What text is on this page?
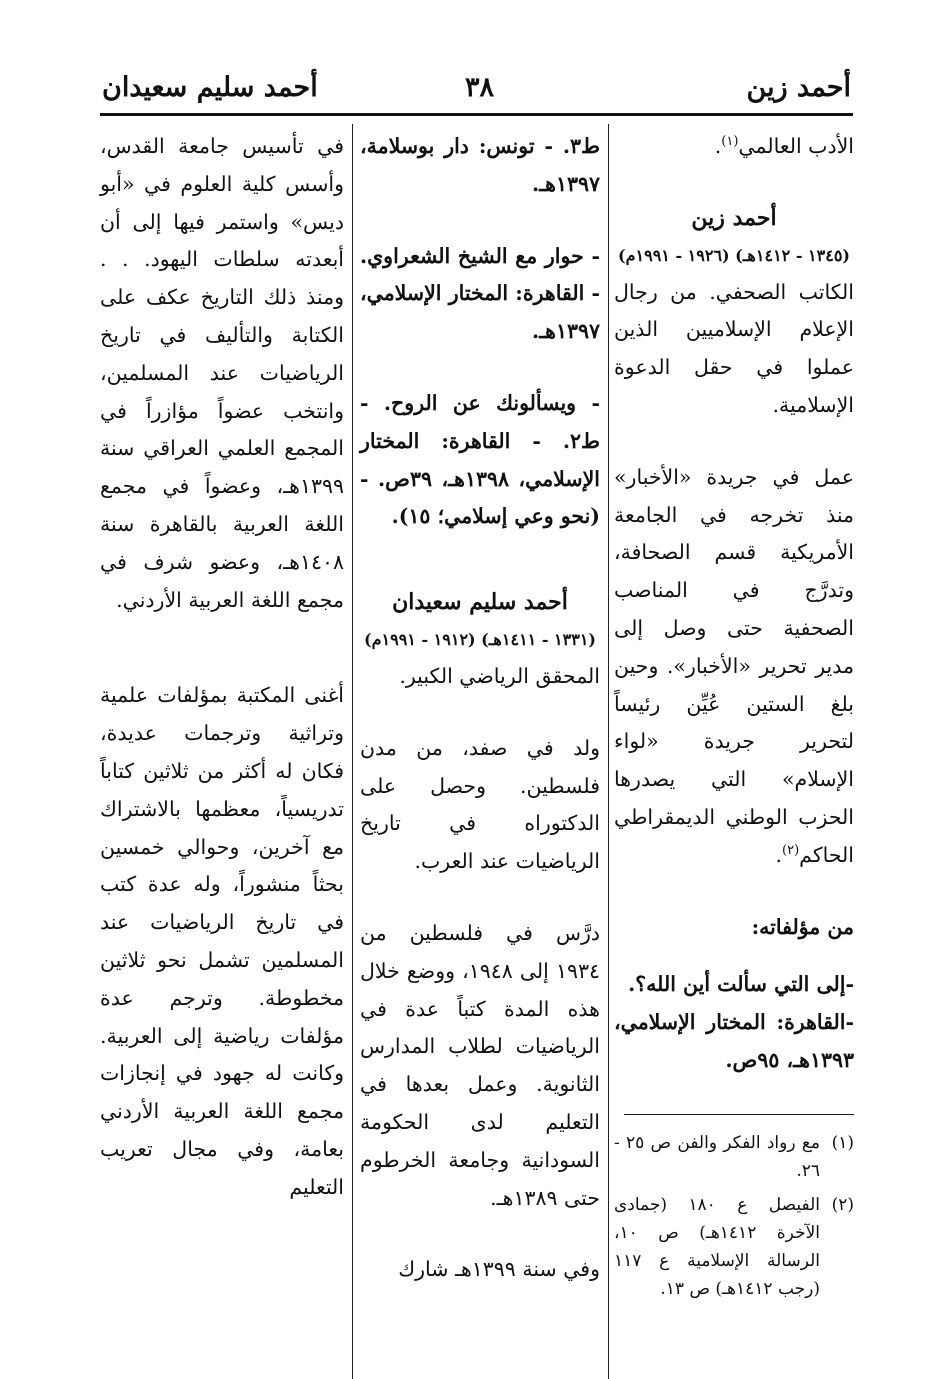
أحمد زين
٣٨
أحمد سليم سعيدان

الأدب العالمي$^{(١)}$.

أحمد زين
(١٣٤٥ - ١٤١٢هـ) (١٩٢٦ - ١٩٩١م)

الكاتب الصحفي. من رجال الإعلام الإسلاميين الذين عملوا في حقل الدعوة الإسلامية.

عمل في جريدة «الأخبار» منذ تخرجه في الجامعة الأمريكية قسم الصحافة، وتدرَّج في المناصب الصحفية حتى وصل إلى مدير تحرير «الأخبار». وحين بلغ الستين عُيِّن رئيساً لتحرير جريدة «لواء الإسلام» التي يصدرها الحزب الوطني الديمقراطي الحاكم$^{(٢)}$.

من مؤلفاته:

-إلى التي سألت أين الله؟.

-القاهرة: المختار الإسلامي، ١٣٩٣هـ، ٩٥ص.

(١)
مع رواد الفكر والفن ص ٢٥ - ٢٦.
(٢)
الفيصل ع ١٨٠ (جمادى الآخرة ١٤١٢هـ) ص ١٠، الرسالة الإسلامية ع ١١٧ (رجب ١٤١٢هـ) ص ١٣.

ط٣. - تونس: دار بوسلامة، ١٣٩٧هـ.

- حوار مع الشيخ الشعراوي. - القاهرة: المختار الإسلامي، ١٣٩٧هـ.

- ويسألونك عن الروح. - ط٢. - القاهرة: المختار الإسلامي، ١٣٩٨هـ، ٣٩ص. - (نحو وعي إسلامي؛ ١٥).

أحمد سليم سعيدان
(١٣٣١ - ١٤١١هـ) (١٩١٢ - ١٩٩١م)

المحقق الرياضي الكبير.

ولد في صفد، من مدن فلسطين. وحصل على الدكتوراه في تاريخ الرياضيات عند العرب.

درَّس في فلسطين من ١٩٣٤ إلى ١٩٤٨، ووضع خلال هذه المدة كتباً عدة في الرياضيات لطلاب المدارس الثانوية. وعمل بعدها في التعليم لدى الحكومة السودانية وجامعة الخرطوم حتى ١٣٨٩هـ.

وفي سنة ١٣٩٩هـ شارك

في تأسيس جامعة القدس، وأسس كلية العلوم في «أبو ديس» واستمر فيها إلى أن أبعدته سلطات اليهود. . . ومنذ ذلك التاريخ عكف على الكتابة والتأليف في تاريخ الرياضيات عند المسلمين، وانتخب عضواً مؤازراً في المجمع العلمي العراقي سنة ١٣٩٩هـ، وعضواً في مجمع اللغة العربية بالقاهرة سنة ١٤٠٨هـ، وعضو شرف في مجمع اللغة العربية الأردني.

أغنى المكتبة بمؤلفات علمية وتراثية وترجمات عديدة، فكان له أكثر من ثلاثين كتاباً تدريسياً، معظمها بالاشتراك مع آخرين، وحوالي خمسين بحثاً منشوراً، وله عدة كتب في تاريخ الرياضيات عند المسلمين تشمل نحو ثلاثين مخطوطة. وترجم عدة مؤلفات رياضية إلى العربية. وكانت له جهود في إنجازات مجمع اللغة العربية الأردني بعامة، وفي مجال تعريب التعليم
